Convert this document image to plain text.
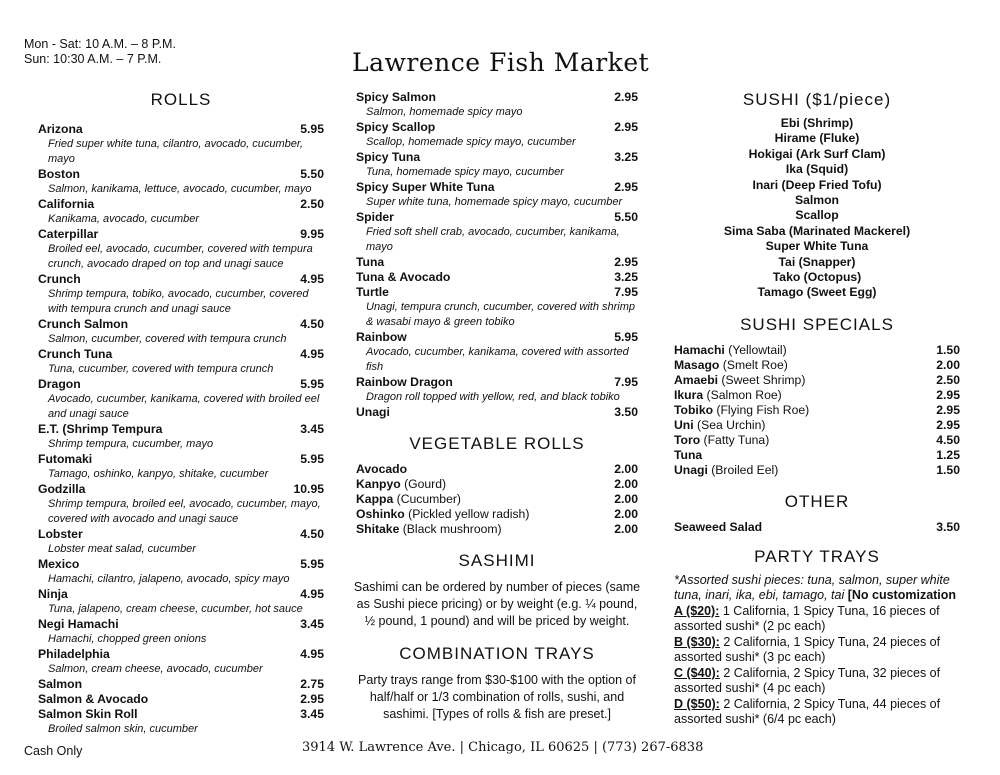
Mon - Sat: 10 A.M. – 8 P.M.
Sun: 10:30 A.M. – 7 P.M.	Lawrence Fish Market
ROLLS
Arizona	5.95
Fried super white tuna, cilantro, avocado, cucumber, mayo
Boston	5.50
Salmon, kanikama, lettuce, avocado, cucumber, mayo
California	2.50
Kanikama, avocado, cucumber
Caterpillar	9.95
Broiled eel, avocado, cucumber, covered with tempura crunch, avocado draped on top and unagi sauce
Crunch	4.95
Shrimp tempura, tobiko, avocado, cucumber, covered with tempura crunch and unagi sauce
Crunch Salmon	4.50
Salmon, cucumber, covered with tempura crunch
Crunch Tuna	4.95
Tuna, cucumber, covered with tempura crunch
Dragon	5.95
Avocado, cucumber, kanikama, covered with broiled eel and unagi sauce
E.T. (Shrimp Tempura	3.45
Shrimp tempura, cucumber, mayo
Futomaki	5.95
Tamago, oshinko, kanpyo, shitake, cucumber
Godzilla	10.95
Shrimp tempura, broiled eel, avocado, cucumber, mayo, covered with avocado and unagi sauce
Lobster	4.50
Lobster meat salad, cucumber
Mexico	5.95
Hamachi, cilantro, jalapeno, avocado, spicy mayo
Ninja	4.95
Tuna, jalapeno, cream cheese, cucumber, hot sauce
Negi Hamachi	3.45
Hamachi, chopped green onions
Philadelphia	4.95
Salmon, cream cheese, avocado, cucumber
Salmon	2.75
Salmon & Avocado	2.95
Salmon Skin Roll	3.45
Broiled salmon skin, cucumber
Spicy Salmon	2.95
Salmon, homemade spicy mayo
Spicy Scallop	2.95
Scallop, homemade spicy mayo, cucumber
Spicy Tuna	3.25
Tuna, homemade spicy mayo, cucumber
Spicy Super White Tuna	2.95
Super white tuna, homemade spicy mayo, cucumber
Spider	5.50
Fried soft shell crab, avocado, cucumber, kanikama, mayo
Tuna	2.95
Tuna & Avocado	3.25
Turtle	7.95
Unagi, tempura crunch, cucumber, covered with shrimp & wasabi mayo & green tobiko
Rainbow	5.95
Avocado, cucumber, kanikama, covered with assorted fish
Rainbow Dragon	7.95
Dragon roll topped with yellow, red, and black tobiko
Unagi	3.50
VEGETABLE ROLLS
Avocado	2.00
Kanpyo (Gourd)	2.00
Kappa (Cucumber)	2.00
Oshinko (Pickled yellow radish)	2.00
Shitake (Black mushroom)	2.00
SASHIMI
Sashimi can be ordered by number of pieces (same as Sushi piece pricing) or by weight (e.g. ¼ pound, ½ pound, 1 pound) and will be priced by weight.
COMBINATION TRAYS
Party trays range from $30-$100 with the option of half/half or 1/3 combination of rolls, sushi, and sashimi. [Types of rolls & fish are preset.]
SUSHI ($1/piece)
Ebi (Shrimp)
Hirame (Fluke)
Hokigai (Ark Surf Clam)
Ika (Squid)
Inari (Deep Fried Tofu)
Salmon
Scallop
Sima Saba (Marinated Mackerel)
Super White Tuna
Tai (Snapper)
Tako (Octopus)
Tamago (Sweet Egg)
SUSHI SPECIALS
Hamachi (Yellowtail)	1.50
Masago (Smelt Roe)	2.00
Amaebi (Sweet Shrimp)	2.50
Ikura (Salmon Roe)	2.95
Tobiko (Flying Fish Roe)	2.95
Uni (Sea Urchin)	2.95
Toro (Fatty Tuna)	4.50
Tuna	1.25
Unagi (Broiled Eel)	1.50
OTHER
Seaweed Salad	3.50
PARTY TRAYS
*Assorted sushi pieces: tuna, salmon, super white tuna, inari, ika, ebi, tamago, tai [No customization
A ($20): 1 California, 1 Spicy Tuna, 16 pieces of assorted sushi* (2 pc each)
B ($30): 2 California, 1 Spicy Tuna, 24 pieces of assorted sushi* (3 pc each)
C ($40): 2 California, 2 Spicy Tuna, 32 pieces of assorted sushi* (4 pc each)
D ($50): 2 California, 2 Spicy Tuna, 44 pieces of assorted sushi* (6/4 pc each)
Cash Only	3914 W. Lawrence Ave. | Chicago, IL 60625 | (773) 267-6838
